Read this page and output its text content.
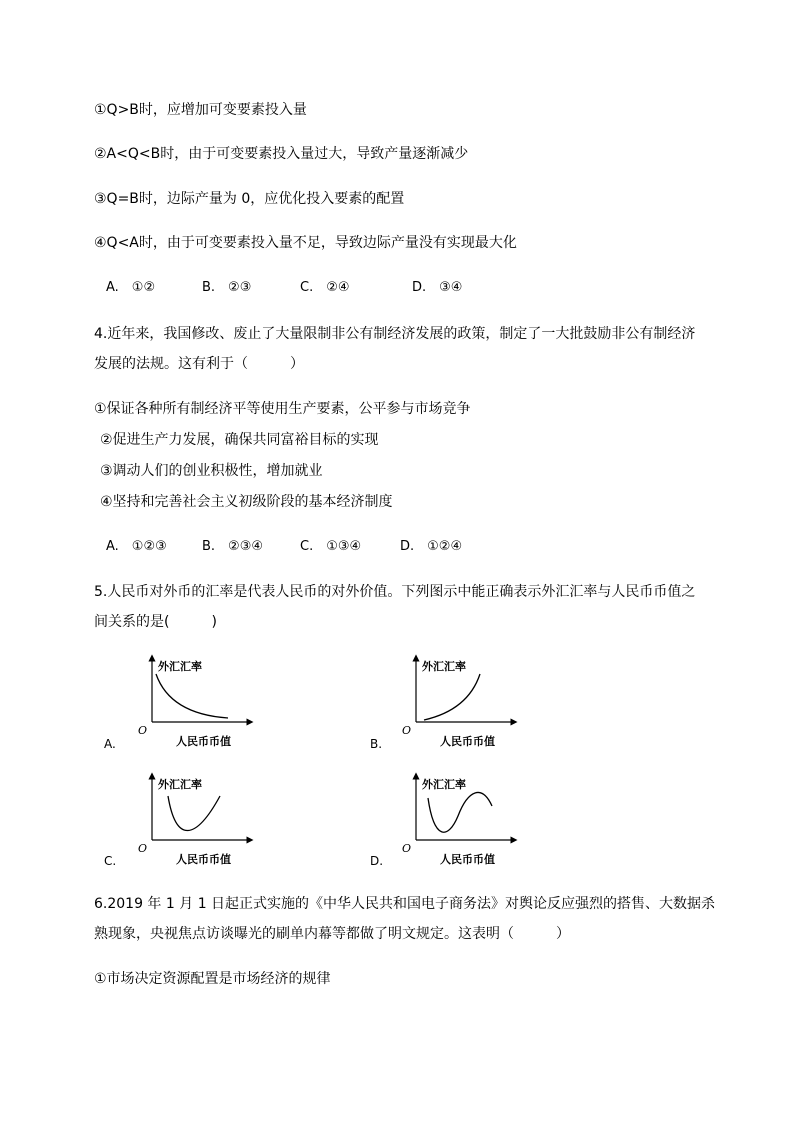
①Q>B时，应增加可变要素投入量
②A<Q<B时，由于可变要素投入量过大，导致产量逐渐减少
③Q=B时，边际产量为 0，应优化投入要素的配置
④Q<A时，由于可变要素投入量不足，导致边际产量没有实现最大化
A.　①②	B.　②③	C.　②④	D.　③④
4.近年来，我国修改、废止了大量限制非公有制经济发展的政策，制定了一大批鼓励非公有制经济
发展的法规。这有利于（　　　）
①保证各种所有制经济平等使用生产要素，公平参与市场竞争
②促进生产力发展，确保共同富裕目标的实现
③调动人们的创业积极性，增加就业
④坚持和完善社会主义初级阶段的基本经济制度
A.　①②③	B.　②③④	C.　①③④	D.　①②④
5.人民币对外币的汇率是代表人民币的对外价值。下列图示中能正确表示外汇汇率与人民币币值之
间关系的是(　　　)
A.
外汇汇率
O
人民币币值	B.
外汇汇率
O
人民币币值
C.
外汇汇率
O
人民币币值	D.
外汇汇率
O
人民币币值
6.2019 年 1 月 1 日起正式实施的《中华人民共和国电子商务法》对舆论反应强烈的搭售、大数据杀
熟现象，央视焦点访谈曝光的刷单内幕等都做了明文规定。这表明（　　　）
①市场决定资源配置是市场经济的规律
